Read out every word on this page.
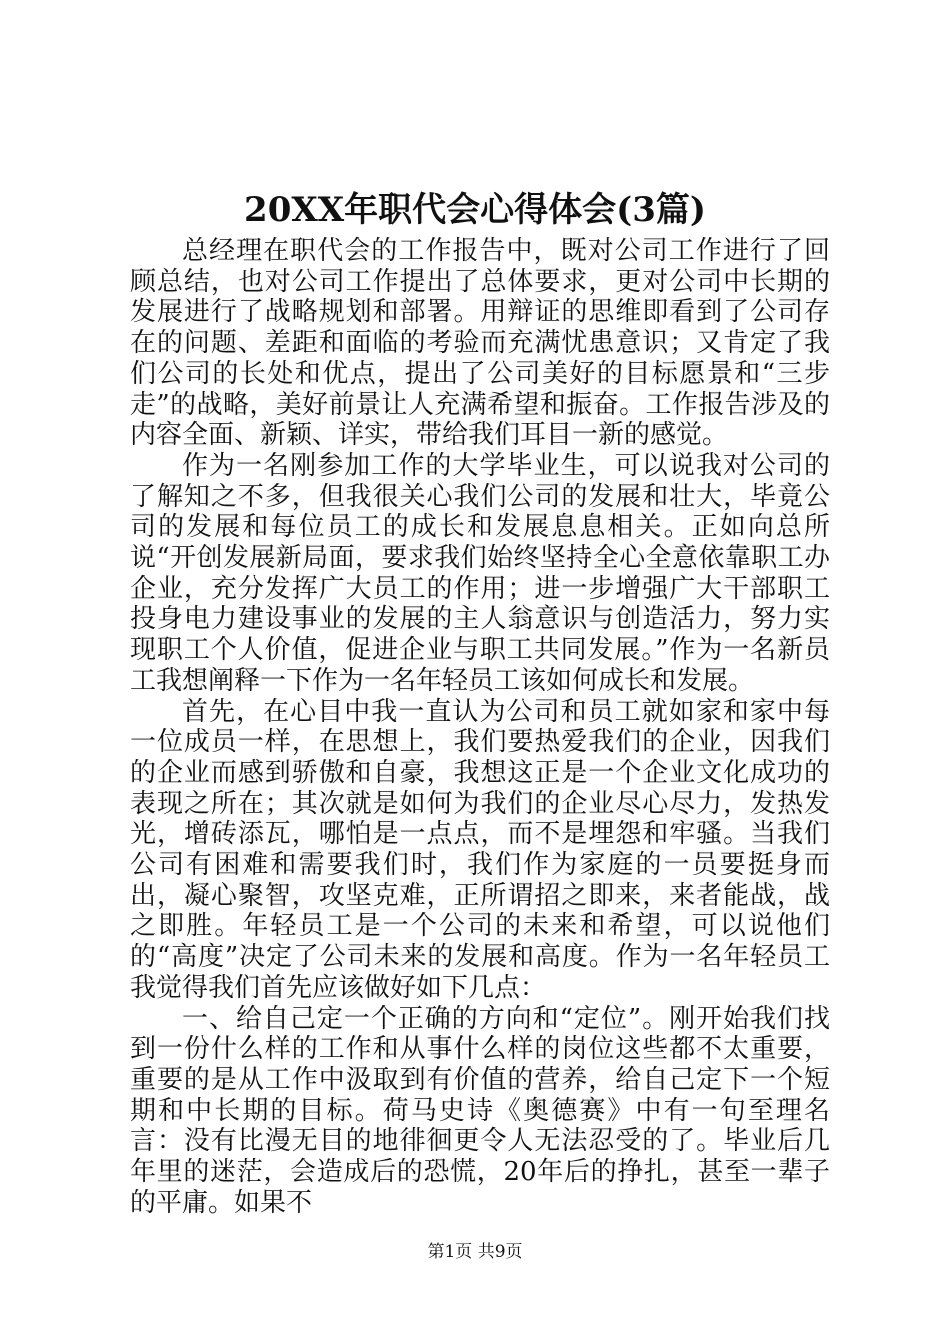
20XX年职代会心得体会(3篇)

总经理在职代会的工作报告中，既对公司工作进行了回顾总结，也对公司工作提出了总体要求，更对公司中长期的发展进行了战略规划和部署。用辩证的思维即看到了公司存在的问题、差距和面临的考验而充满忧患意识；又肯定了我们公司的长处和优点，提出了公司美好的目标愿景和“三步走”的战略，美好前景让人充满希望和振奋。工作报告涉及的内容全面、新颖、详实，带给我们耳目一新的感觉。

作为一名刚参加工作的大学毕业生，可以说我对公司的了解知之不多，但我很关心我们公司的发展和壮大，毕竟公司的发展和每位员工的成长和发展息息相关。正如向总所说“开创发展新局面，要求我们始终坚持全心全意依靠职工办企业，充分发挥广大员工的作用；进一步增强广大干部职工投身电力建设事业的发展的主人翁意识与创造活力，努力实现职工个人价值，促进企业与职工共同发展。”作为一名新员工我想阐释一下作为一名年轻员工该如何成长和发展。

首先，在心目中我一直认为公司和员工就如家和家中每一位成员一样，在思想上，我们要热爱我们的企业，因我们的企业而感到骄傲和自豪，我想这正是一个企业文化成功的表现之所在；其次就是如何为我们的企业尽心尽力，发热发光，增砖添瓦，哪怕是一点点，而不是埋怨和牢骚。当我们公司有困难和需要我们时，我们作为家庭的一员要挺身而出，凝心聚智，攻坚克难，正所谓招之即来，来者能战，战之即胜。年轻员工是一个公司的未来和希望，可以说他们的“高度”决定了公司未来的发展和高度。作为一名年轻员工我觉得我们首先应该做好如下几点：

一、给自己定一个正确的方向和“定位”。刚开始我们找到一份什么样的工作和从事什么样的岗位这些都不太重要，重要的是从工作中汲取到有价值的营养，给自己定下一个短期和中长期的目标。荷马史诗《奥德赛》中有一句至理名言：没有比漫无目的地徘徊更令人无法忍受的了。毕业后几年里的迷茫，会造成后的恐慌，20年后的挣扎，甚至一辈子的平庸。如果不

第1页 共9页
